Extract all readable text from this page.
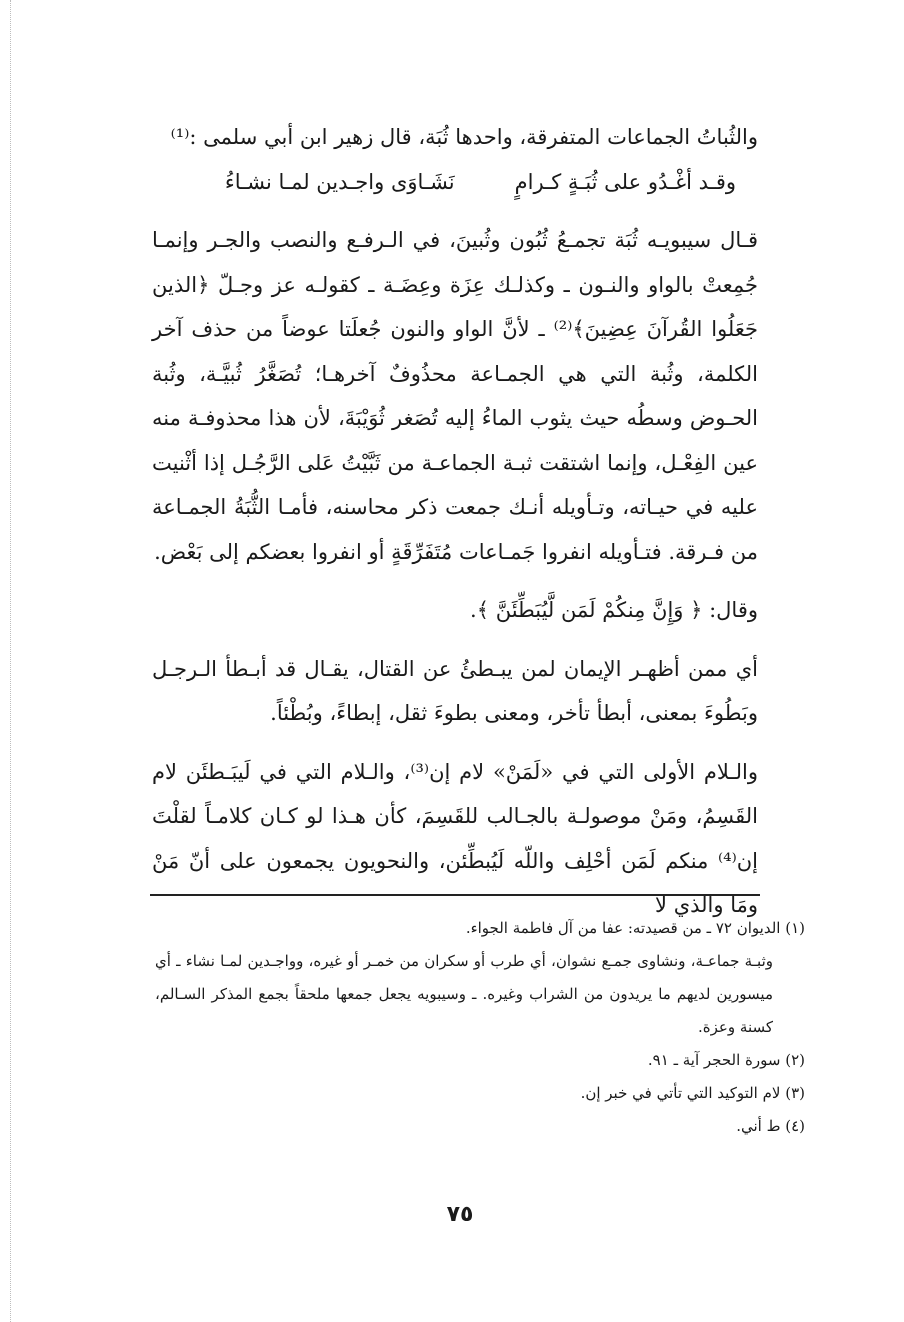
والثُباتُ الجماعات المتفرقة، واحدها ثُبَة، قال زهير ابن أبي سلمى :⁽¹⁾

وقـد أغْـدُو على ثُبَـةٍ كـرامٍ
نَشَـاوَى واجـدين لمـا نشـاءُ

قـال سيبويـه ثُبَة تجمـعُ ثُبُون وثُبينَ، في الـرفـع والنصب والجـر وإنمـا جُمِعتْ بالواو والنـون ـ وكذلـك عِزَة وعِضَـة ـ كقولـه عز وجـلّ ﴿الذين جَعَلُوا القُرآنَ عِضِينَ﴾⁽²⁾ ـ لأنَّ الواو والنون جُعلَتا عوضاً من حذف آخر الكلمة، وثُبة التي هي الجمـاعة محذُوفٌ آخرهـا؛ تُصَغَّرُ ثُبيَّـة، وثُبة الحـوض وسطُه حيث يثوب الماءُ إليه تُصَغر ثُوَيْبَةَ، لأن هذا محذوفـة منه عين الفِعْـل، وإنما اشتقت ثبـة الجماعـة من ثَبَّيْتُ عَلى الرَّجُـل إذا أثْنيت عليه في حيـاته، وتـأويله أنـك جمعت ذكر محاسنه، فأمـا الثُّبَةُ الجمـاعة من فـرقة. فتـأويله انفروا جَمـاعات مُتَفَرِّقَةٍ أو انفروا بعضكم إلى بَعْض.

وقال: ﴿ وَإِنَّ مِنكُمْ لَمَن لَّيُبَطِّئَنَّ ﴾.

أي ممن أظهـر الإيمان لمن يبـطئُ عن القتال، يقـال قد أبـطأ الـرجـل وبَطُوءَ بمعنى، أبطأ تأخر، ومعنى بطوءَ ثقل، إبطاءً، وبُطْئاً.

والـلام الأولى التي في «لَمَنْ» لام إن⁽³⁾، والـلام التي في لَيبَـطئَن لام القَسِمُ، ومَنْ موصولـة بالجـالب للقَسِمَ، كأن هـذا لو كـان كلامـاً لقلْتَ إن⁽⁴⁾ منكم لَمَن أحْلِف واللّه لَيُبطِّئن، والنحويون يجمعون على أنّ مَنْ ومَا والذي لا

(١) الديوان ٧٢ ـ من قصيدته: عفا من آل فاطمة الجواء.

وثبـة جماعـة، ونشاوى جمـع نشوان، أي طرب أو سكران من خمـر أو غيره، وواجـدين لمـا نشاء ـ أي ميسورين لديهم ما يريدون من الشراب وغيره. ـ وسيبويه يجعل جمعها ملحقاً بجمع المذكر السـالم، كسنة وعزة.

(٢) سورة الحجر آية ـ ٩١.

(٣) لام التوكيد التي تأتي في خبر إن.

(٤) ط أني.

٧٥
